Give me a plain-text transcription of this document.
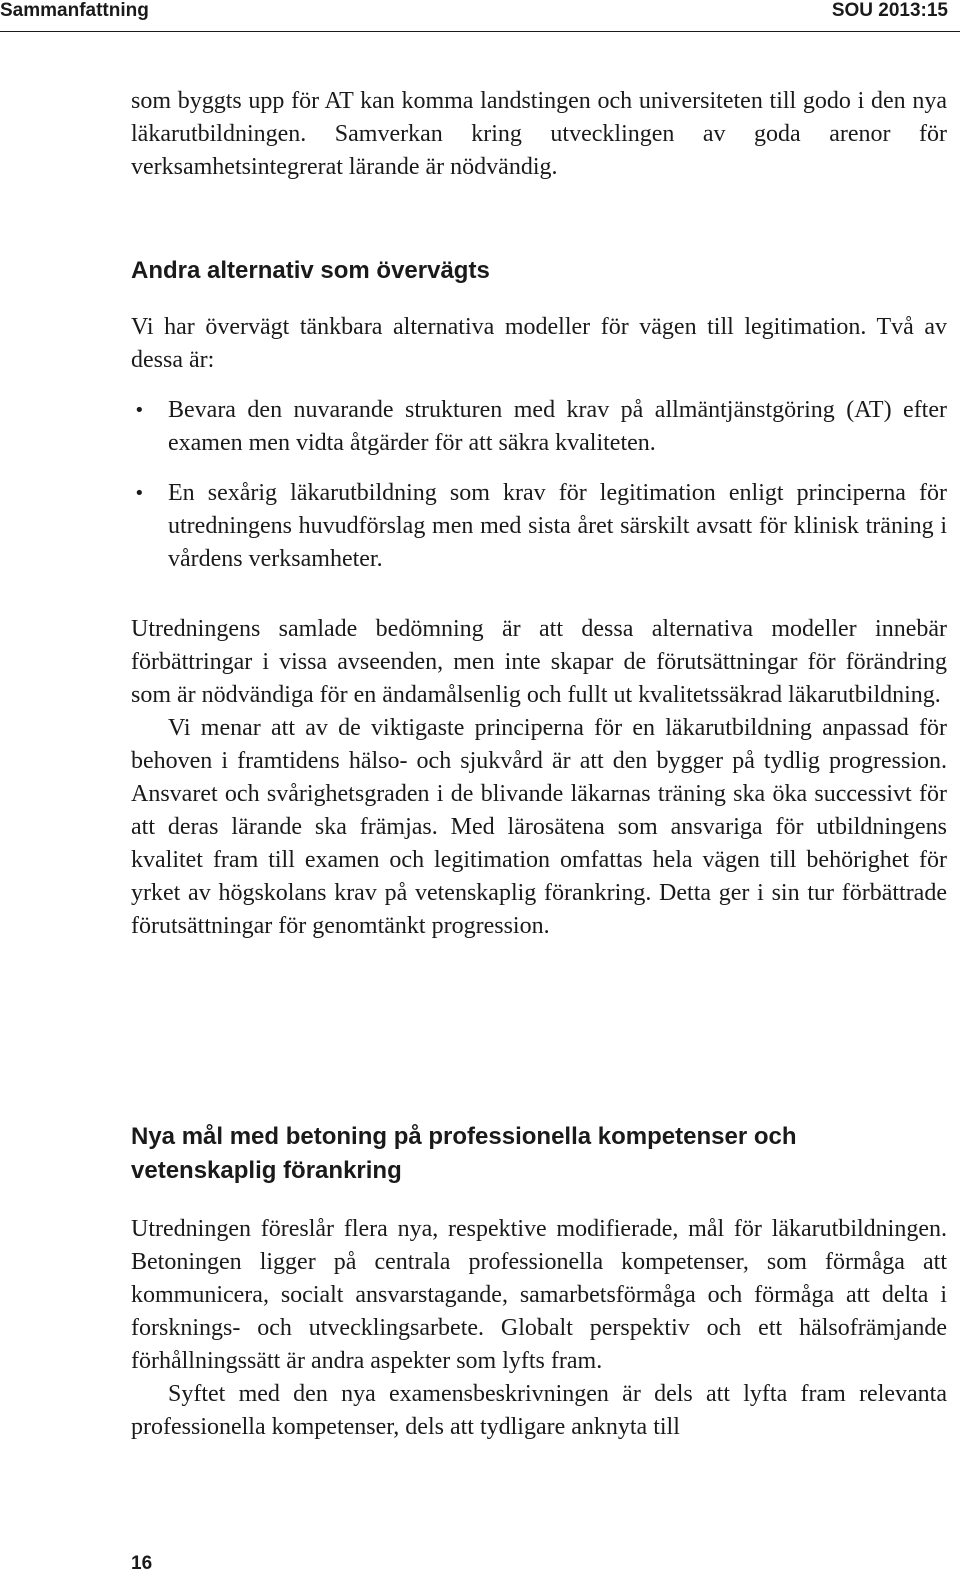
Sammanfattning	SOU 2013:15

som byggts upp för AT kan komma landstingen och universiteten till godo i den nya läkarutbildningen. Samverkan kring utvecklingen av goda arenor för verksamhetsintegrerat lärande är nödvändig.

Andra alternativ som övervägts

Vi har övervägt tänkbara alternativa modeller för vägen till legitimation. Två av dessa är:

• Bevara den nuvarande strukturen med krav på allmäntjänstgöring (AT) efter examen men vidta åtgärder för att säkra kvaliteten.
• En sexårig läkarutbildning som krav för legitimation enligt principerna för utredningens huvudförslag men med sista året särskilt avsatt för klinisk träning i vårdens verksamheter.

Utredningens samlade bedömning är att dessa alternativa modeller innebär förbättringar i vissa avseenden, men inte skapar de förutsättningar för förändring som är nödvändiga för en ändamålsenlig och fullt ut kvalitetssäkrad läkarutbildning.

Vi menar att av de viktigaste principerna för en läkarutbildning anpassad för behoven i framtidens hälso- och sjukvård är att den bygger på tydlig progression. Ansvaret och svårighetsgraden i de blivande läkarnas träning ska öka successivt för att deras lärande ska främjas. Med lärosätena som ansvariga för utbildningens kvalitet fram till examen och legitimation omfattas hela vägen till behörighet för yrket av högskolans krav på vetenskaplig förankring. Detta ger i sin tur förbättrade förutsättningar för genomtänkt progression.

Nya mål med betoning på professionella kompetenser och
vetenskaplig förankring

Utredningen föreslår flera nya, respektive modifierade, mål för läkarutbildningen. Betoningen ligger på centrala professionella kompetenser, som förmåga att kommunicera, socialt ansvarstagande, samarbetsförmåga och förmåga att delta i forsknings- och utvecklingsarbete. Globalt perspektiv och ett hälsofrämjande förhållningssätt är andra aspekter som lyfts fram.

Syftet med den nya examensbeskrivningen är dels att lyfta fram relevanta professionella kompetenser, dels att tydligare anknyta till

16
